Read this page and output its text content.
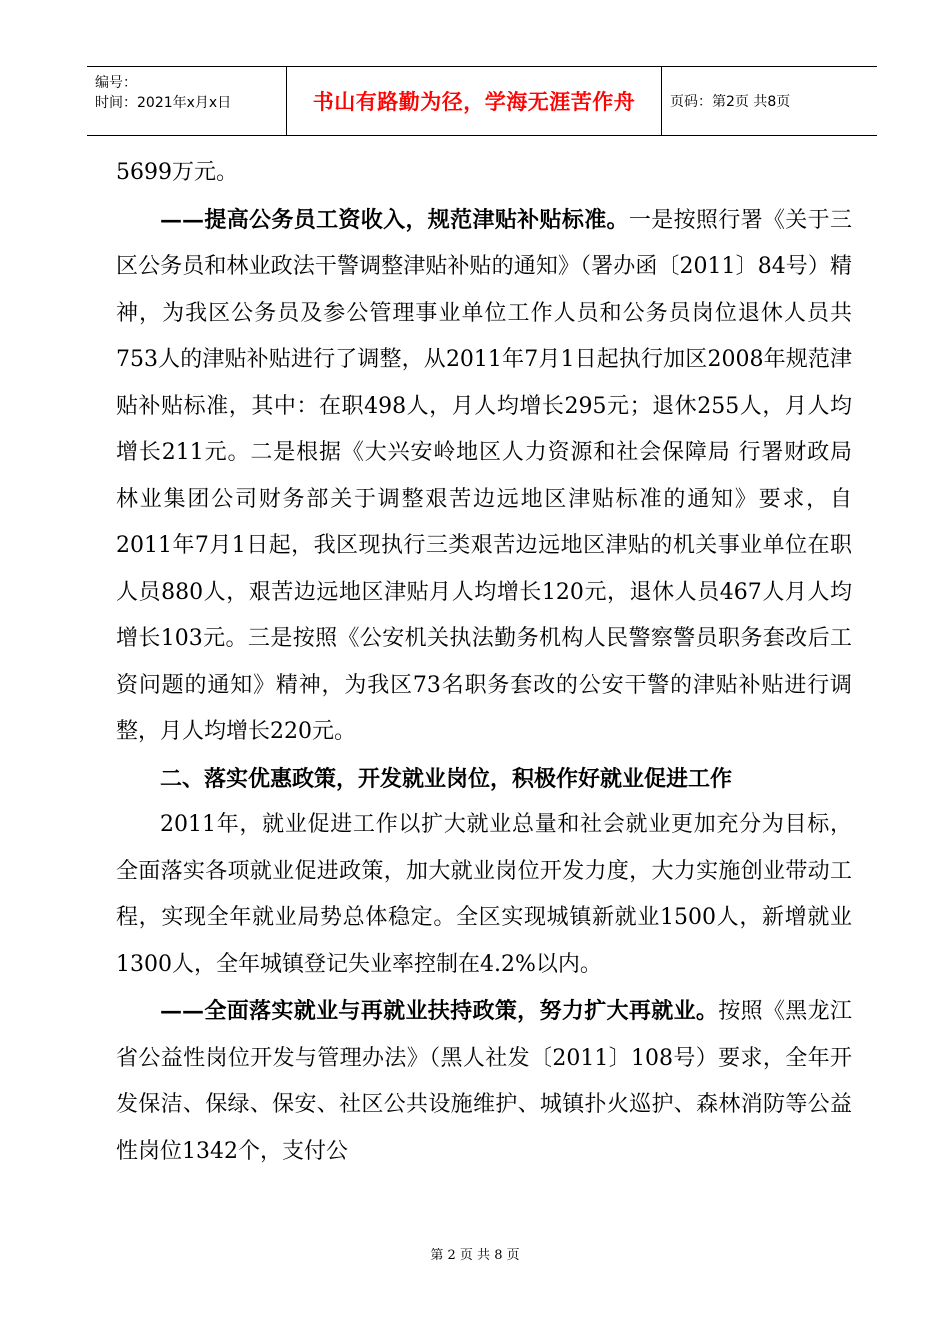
编号：
时间：2021年x月x日	书山有路勤为径，学海无涯苦作舟	页码：第2页 共8页

5699万元。

——提高公务员工资收入，规范津贴补贴标准。一是按照行署《关于三区公务员和林业政法干警调整津贴补贴的通知》（署办函〔2011〕84号）精神，为我区公务员及参公管理事业单位工作人员和公务员岗位退休人员共753人的津贴补贴进行了调整，从2011年7月1日起执行加区2008年规范津贴补贴标准，其中：在职498人，月人均增长295元；退休255人，月人均增长211元。二是根据《大兴安岭地区人力资源和社会保障局 行署财政局 林业集团公司财务部关于调整艰苦边远地区津贴标准的通知》要求，自2011年7月1日起，我区现执行三类艰苦边远地区津贴的机关事业单位在职人员880人，艰苦边远地区津贴月人均增长120元，退休人员467人月人均增长103元。三是按照《公安机关执法勤务机构人民警察警员职务套改后工资问题的通知》精神，为我区73名职务套改的公安干警的津贴补贴进行调整，月人均增长220元。

二、落实优惠政策，开发就业岗位，积极作好就业促进工作

2011年，就业促进工作以扩大就业总量和社会就业更加充分为目标，全面落实各项就业促进政策，加大就业岗位开发力度，大力实施创业带动工程，实现全年就业局势总体稳定。全区实现城镇新就业1500人，新增就业1300人，全年城镇登记失业率控制在4.2%以内。

——全面落实就业与再就业扶持政策，努力扩大再就业。按照《黑龙江省公益性岗位开发与管理办法》（黑人社发〔2011〕108号）要求，全年开发保洁、保绿、保安、社区公共设施维护、城镇扑火巡护、森林消防等公益性岗位1342个，支付公

第 2 页 共 8 页
